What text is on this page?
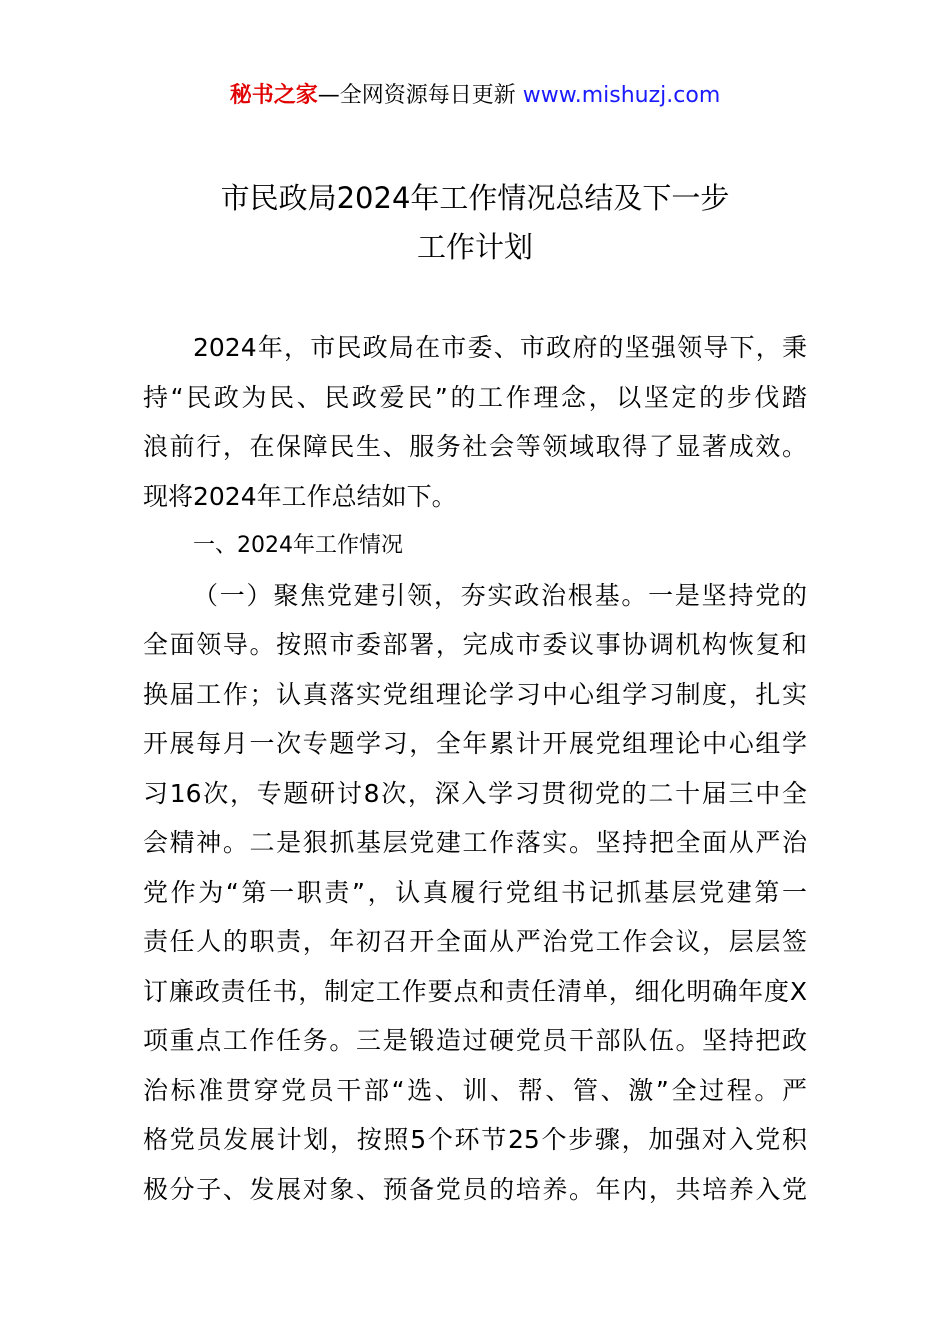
秘书之家—全网资源每日更新 www.mishuzj.com
市民政局2024年工作情况总结及下一步
工作计划
2024年，市民政局在市委、市政府的坚强领导下，秉
持“民政为民、民政爱民”的工作理念，以坚定的步伐踏
浪前行，在保障民生、服务社会等领域取得了显著成效。
现将2024年工作总结如下。
一、2024年工作情况
（一）聚焦党建引领，夯实政治根基。一是坚持党的
全面领导。按照市委部署，完成市委议事协调机构恢复和
换届工作；认真落实党组理论学习中心组学习制度，扎实
开展每月一次专题学习，全年累计开展党组理论中心组学
习16次，专题研讨8次，深入学习贯彻党的二十届三中全
会精神。二是狠抓基层党建工作落实。坚持把全面从严治
党作为“第一职责”，认真履行党组书记抓基层党建第一
责任人的职责，年初召开全面从严治党工作会议，层层签
订廉政责任书，制定工作要点和责任清单，细化明确年度X
项重点工作任务。三是锻造过硬党员干部队伍。坚持把政
治标准贯穿党员干部“选、训、帮、管、激”全过程。严
格党员发展计划，按照5个环节25个步骤，加强对入党积
极分子、发展对象、预备党员的培养。年内，共培养入党
